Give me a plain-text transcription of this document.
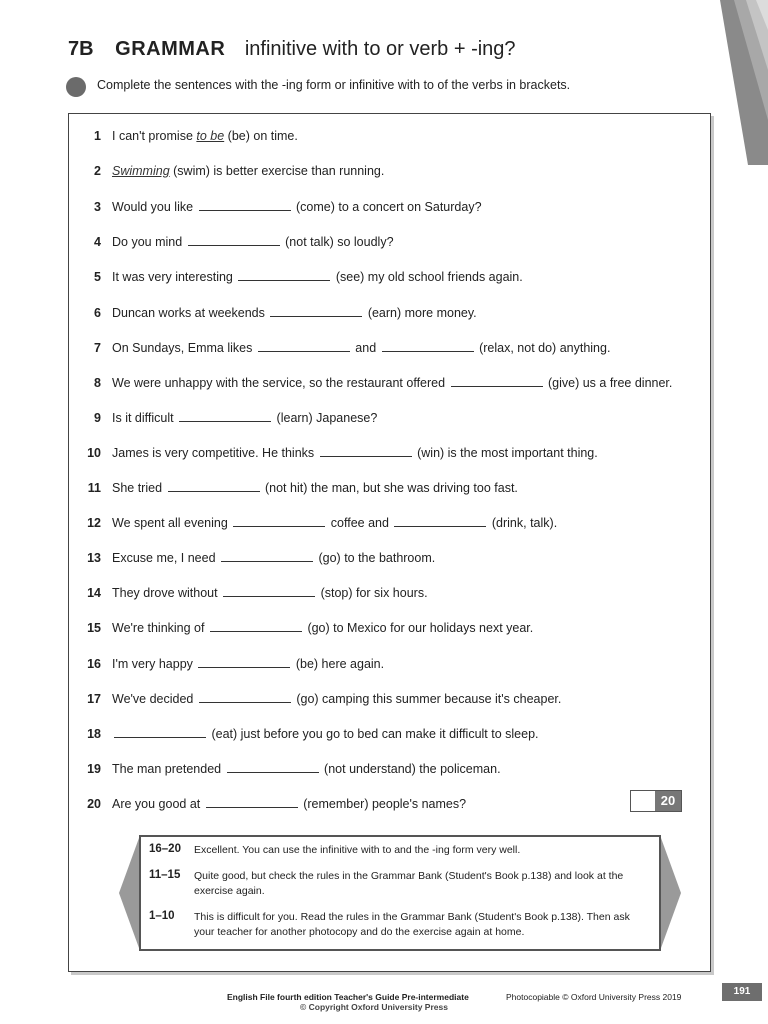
7B GRAMMAR infinitive with to or verb + -ing?
Complete the sentences with the -ing form or infinitive with to of the verbs in brackets.
1 I can't promise to be (be) on time.
2 Swimming (swim) is better exercise than running.
3 Would you like	(come) to a concert on Saturday?
4 Do you mind	(not talk) so loudly?
5 It was very interesting	(see) my old school friends again.
6 Duncan works at weekends	(earn) more money.
7 On Sundays, Emma likes	and	(relax, not do) anything.
8 We were unhappy with the service, so the restaurant offered	(give) us a free dinner.
9 Is it difficult	(learn) Japanese?
10 James is very competitive. He thinks	(win) is the most important thing.
11 She tried	(not hit) the man, but she was driving too fast.
12 We spent all evening	coffee and	(drink, talk).
13 Excuse me, I need	(go) to the bathroom.
14 They drove without	(stop) for six hours.
15 We're thinking of	(go) to Mexico for our holidays next year.
16 I'm very happy	(be) here again.
17 We've decided	(go) camping this summer because it's cheaper.
18	(eat) just before you go to bed can make it difficult to sleep.
19 The man pretended	(not understand) the policeman.
20 Are you good at	(remember) people's names?	20
16–20	Excellent. You can use the infinitive with to and the -ing form very well.
11–15	Quite good, but check the rules in the Grammar Bank (Student's Book p.138) and look at the exercise again.
1–10	This is difficult for you. Read the rules in the Grammar Bank (Student's Book p.138). Then ask your teacher for another photocopy and do the exercise again at home.
English File fourth edition Teacher's Guide Pre-intermediate	Photocopiable © Oxford University Press 2019
© Copyright Oxford University Press
191
